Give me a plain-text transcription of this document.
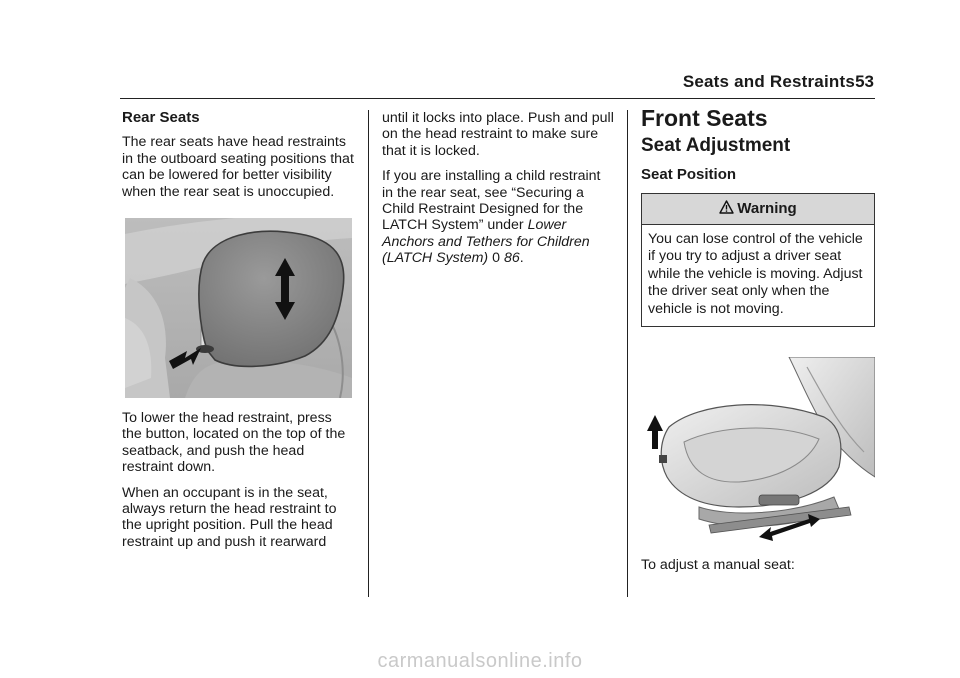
Seats and Restraints 53
Rear Seats

The rear seats have head restraints in the outboard seating positions that can be lowered for better visibility when the rear seat is unoccupied.

To lower the head restraint, press the button, located on the top of the seatback, and push the head restraint down.

When an occupant is in the seat, always return the head restraint to the upright position. Pull the head restraint up and push it rearward

until it locks into place. Push and pull on the head restraint to make sure that it is locked.

If you are installing a child restraint in the rear seat, see “Securing a Child Restraint Designed for the LATCH System” under Lower Anchors and Tethers for Children (LATCH System) 0 86.

Front Seats
Seat Adjustment
Seat Position
Warning
You can lose control of the vehicle if you try to adjust a driver seat while the vehicle is moving. Adjust the driver seat only when the vehicle is not moving.

To adjust a manual seat:

carmanualsonline.info
